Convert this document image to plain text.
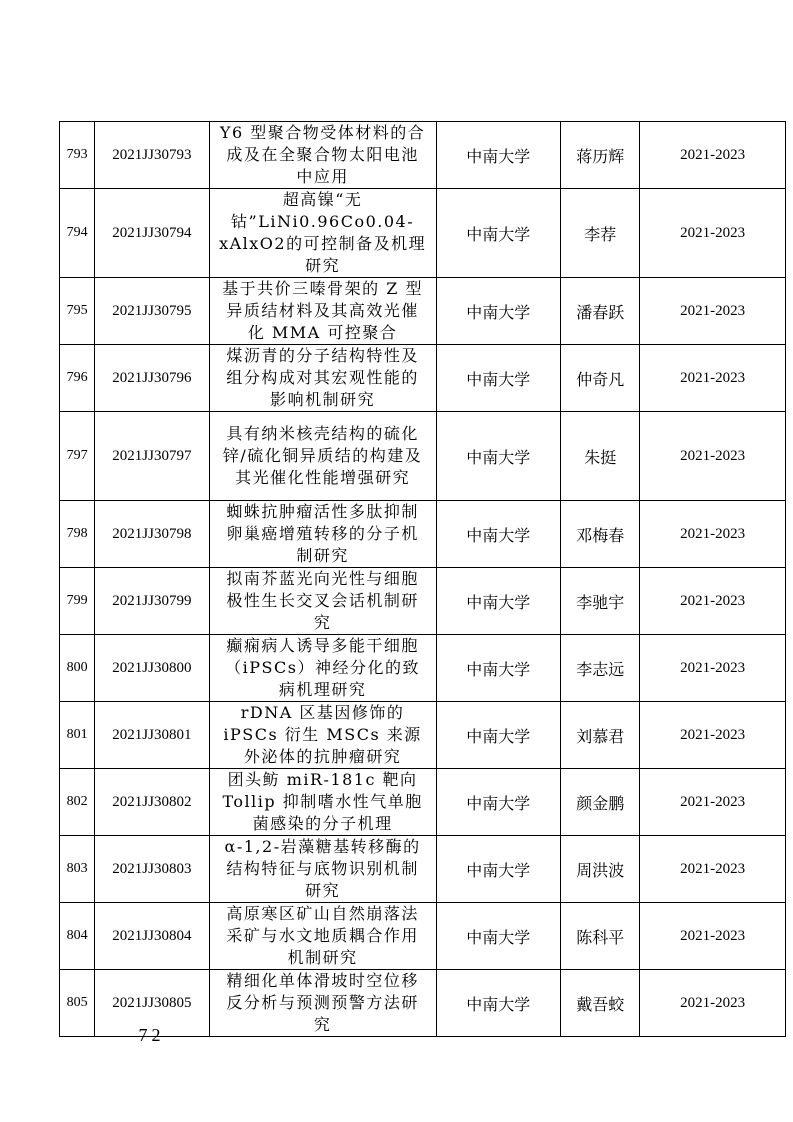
793	2021JJ30793	Y6 型聚合物受体材料的合成及在全聚合物太阳电池中应用	中南大学	蒋历辉	2021-2023
794	2021JJ30794	超高镍“无钴”LiNi0.96Co0.04-xAlxO2的可控制备及机理研究	中南大学	李荐	2021-2023
795	2021JJ30795	基于共价三嗪骨架的 Z 型异质结材料及其高效光催化 MMA 可控聚合	中南大学	潘春跃	2021-2023
796	2021JJ30796	煤沥青的分子结构特性及组分构成对其宏观性能的影响机制研究	中南大学	仲奇凡	2021-2023
797	2021JJ30797	具有纳米核壳结构的硫化锌/硫化铜异质结的构建及其光催化性能增强研究	中南大学	朱挺	2021-2023
798	2021JJ30798	蜘蛛抗肿瘤活性多肽抑制卵巢癌增殖转移的分子机制研究	中南大学	邓梅春	2021-2023
799	2021JJ30799	拟南芥蓝光向光性与细胞极性生长交叉会话机制研究	中南大学	李驰宇	2021-2023
800	2021JJ30800	癫痫病人诱导多能干细胞（iPSCs）神经分化的致病机理研究	中南大学	李志远	2021-2023
801	2021JJ30801	rDNA 区基因修饰的 iPSCs 衍生 MSCs 来源外泌体的抗肿瘤研究	中南大学	刘慕君	2021-2023
802	2021JJ30802	团头鲂 miR-181c 靶向 Tollip 抑制嗜水性气单胞菌感染的分子机理	中南大学	颜金鹏	2021-2023
803	2021JJ30803	α-1,2-岩藻糖基转移酶的结构特征与底物识别机制研究	中南大学	周洪波	2021-2023
804	2021JJ30804	高原寒区矿山自然崩落法采矿与水文地质耦合作用机制研究	中南大学	陈科平	2021-2023
805	2021JJ30805	精细化单体滑坡时空位移反分析与预测预警方法研究	中南大学	戴吾蛟	2021-2023
— 72 —
